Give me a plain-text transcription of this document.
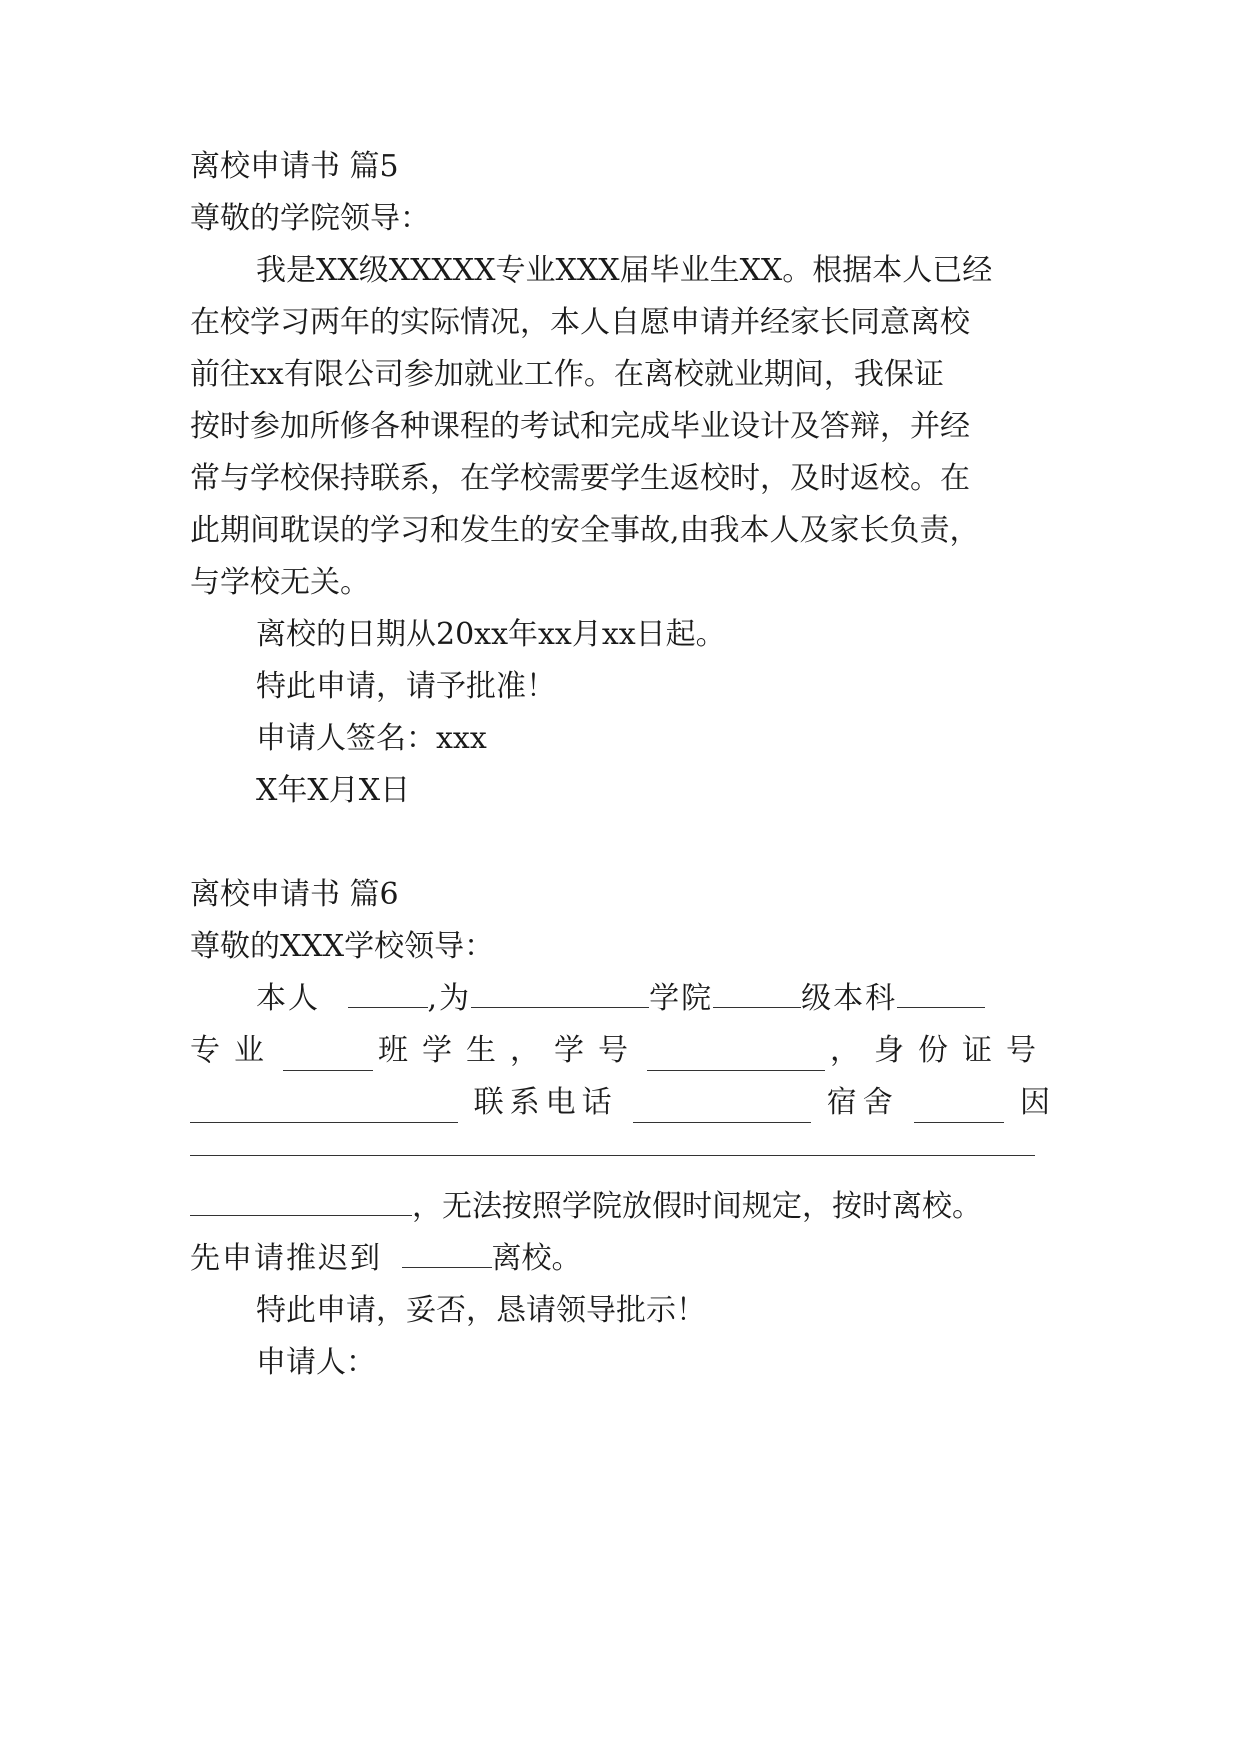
离校申请书 篇5
尊敬的学院领导：
我是XX级XXXXX专业XXX届毕业生XX。根据本人已经
在校学习两年的实际情况，本人自愿申请并经家长同意离校
前往xx有限公司参加就业工作。在离校就业期间，我保证
按时参加所修各种课程的考试和完成毕业设计及答辩，并经
常与学校保持联系，在学校需要学生返校时，及时返校。在
此期间耽误的学习和发生的安全事故,由我本人及家长负责，
与学校无关。
离校的日期从20xx年xx月xx日起。
特此申请，请予批准！
申请人签名：xxx
X年X月X日
离校申请书 篇6
尊敬的XXX学校领导：
本人	,为	学院	级本科
专业	班学生，学号	，身份证号
联系电话	宿舍	因
，无法按照学院放假时间规定，按时离校。
先申请推迟到	离校。
特此申请，妥否，恳请领导批示！
申请人：
